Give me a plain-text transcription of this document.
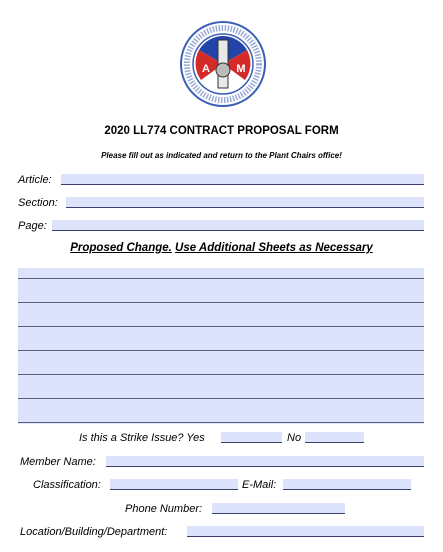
A M
2020 LL774 CONTRACT PROPOSAL FORM
Please fill out as indicated and return to the Plant Chairs office!
Article:
Section:
Page:
Proposed Change. Use Additional Sheets as Necessary
Is this a Strike Issue? Yes	No
Member Name:
Classification:	E-Mail:
Phone Number:
Location/Building/Department:
